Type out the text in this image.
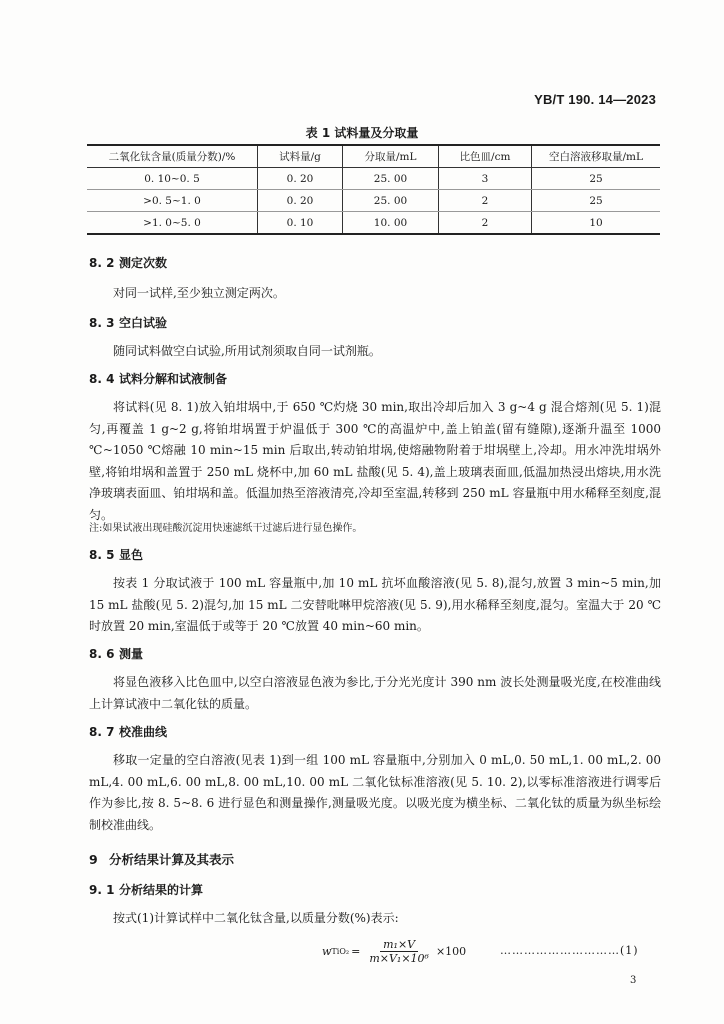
YB/T 190. 14—2023
表 1 试料量及分取量
二氧化钛含量(质量分数)/%	试料量/g	分取量/mL	比色皿/cm	空白溶液移取量/mL
0. 10~0. 5	0. 20	25. 00	3	25
>0. 5~1. 0	0. 20	25. 00	2	25
>1. 0~5. 0	0. 10	10. 00	2	10
8. 2 测定次数
对同一试样,至少独立测定两次。
8. 3 空白试验
随同试料做空白试验,所用试剂须取自同一试剂瓶。
8. 4 试料分解和试液制备
将试料(见 8. 1)放入铂坩埚中,于 650 ℃灼烧 30 min,取出冷却后加入 3 g~4 g 混合熔剂(见 5. 1)混匀,再覆盖 1 g~2 g,将铂坩埚置于炉温低于 300 ℃的高温炉中,盖上铂盖(留有缝隙),逐渐升温至 1000 ℃~1050 ℃熔融 10 min~15 min 后取出,转动铂坩埚,使熔融物附着于坩埚壁上,冷却。用水冲洗坩埚外壁,将铂坩埚和盖置于 250 mL 烧杯中,加 60 mL 盐酸(见 5. 4),盖上玻璃表面皿,低温加热浸出熔块,用水洗净玻璃表面皿、铂坩埚和盖。低温加热至溶液清亮,冷却至室温,转移到 250 mL 容量瓶中用水稀释至刻度,混匀。
注:如果试液出现硅酸沉淀用快速滤纸干过滤后进行显色操作。
8. 5 显色
按表 1 分取试液于 100 mL 容量瓶中,加 10 mL 抗坏血酸溶液(见 5. 8),混匀,放置 3 min~5 min,加 15 mL 盐酸(见 5. 2)混匀,加 15 mL 二安替吡啉甲烷溶液(见 5. 9),用水稀释至刻度,混匀。室温大于 20 ℃ 时放置 20 min,室温低于或等于 20 ℃放置 40 min~60 min。
8. 6 测量
将显色液移入比色皿中,以空白溶液显色液为参比,于分光光度计 390 nm 波长处测量吸光度,在校准曲线上计算试液中二氧化钛的质量。
8. 7 校准曲线
移取一定量的空白溶液(见表 1)到一组 100 mL 容量瓶中,分别加入 0 mL,0. 50 mL,1. 00 mL,2. 00 mL,4. 00 mL,6. 00 mL,8. 00 mL,10. 00 mL 二氧化钛标准溶液(见 5. 10. 2),以零标准溶液进行调零后作为参比,按 8. 5~8. 6 进行显色和测量操作,测量吸光度。以吸光度为横坐标、二氧化钛的质量为纵坐标绘制校准曲线。
9 分析结果计算及其表示
9. 1 分析结果的计算
按式(1)计算试样中二氧化钛含量,以质量分数(%)表示:
w $TiO_2 = \frac{\text{m₁×V}}{\text{m×V₁×10⁶}} \times 100$	…………………………(1)
3
